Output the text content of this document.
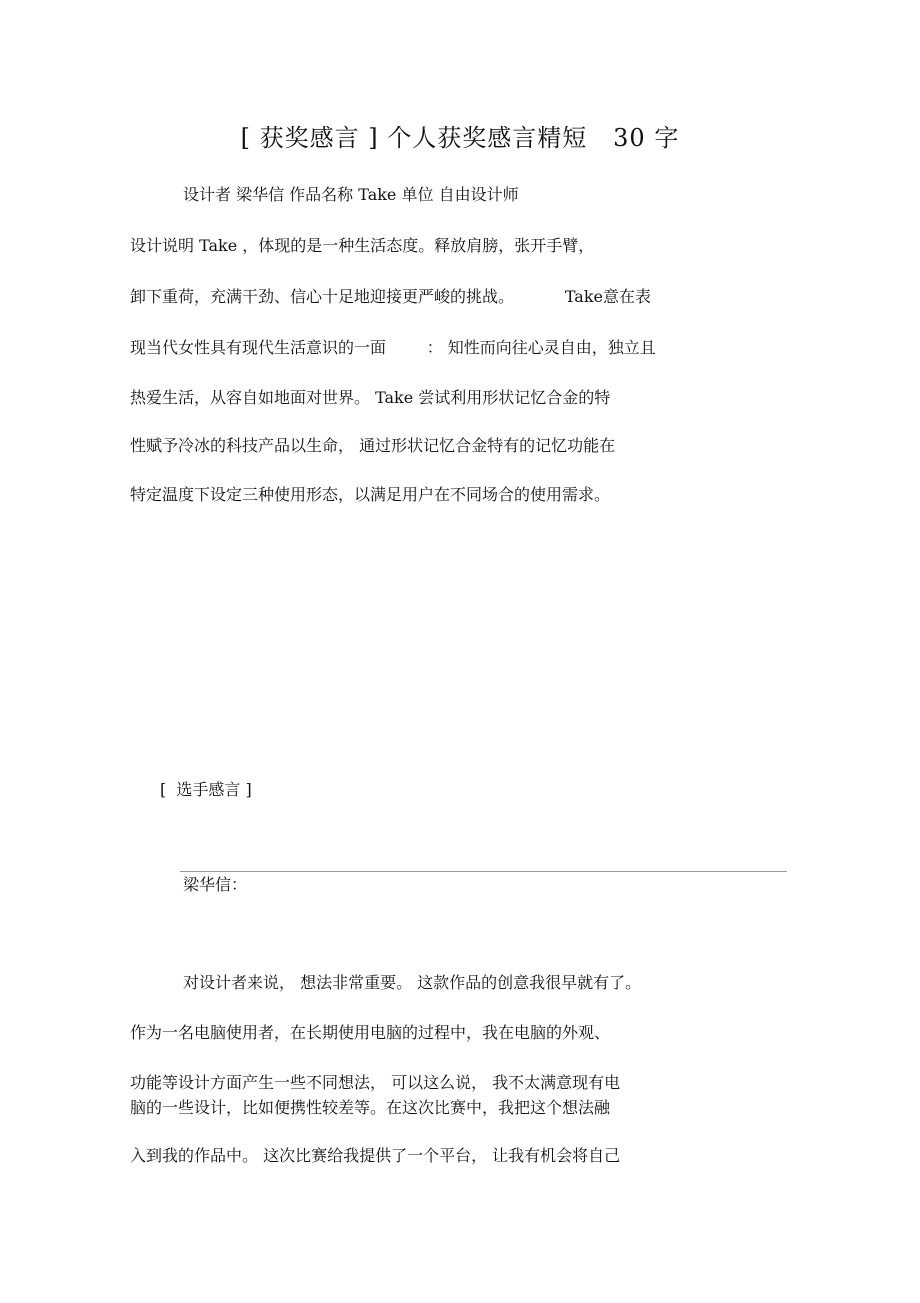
[ 获奖感言 ] 个人获奖感言精短   30 字
设计者 梁华信 作品名称 Take 单位 自由设计师
设计说明 Take ，体现的是一种生活态度。释放肩膀，张开手臂，
卸下重荷，充满干劲、信心十足地迎接更严峻的挑战。          Take意在表
现当代女性具有现代生活意识的一面        ： 知性而向往心灵自由，独立且
热爱生活，从容自如地面对世界。 Take 尝试利用形状记忆合金的特
性赋予冷冰的科技产品以生命， 通过形状记忆合金特有的记忆功能在
特定温度下设定三种使用形态，以满足用户在不同场合的使用需求。
[  选手感言 ]
梁华信：
对设计者来说， 想法非常重要。 这款作品的创意我很早就有了。
作为一名电脑使用者，在长期使用电脑的过程中，我在电脑的外观、
功能等设计方面产生一些不同想法， 可以这么说， 我不太满意现有电
脑的一些设计，比如便携性较差等。在这次比赛中，我把这个想法融
入到我的作品中。 这次比赛给我提供了一个平台， 让我有机会将自己
